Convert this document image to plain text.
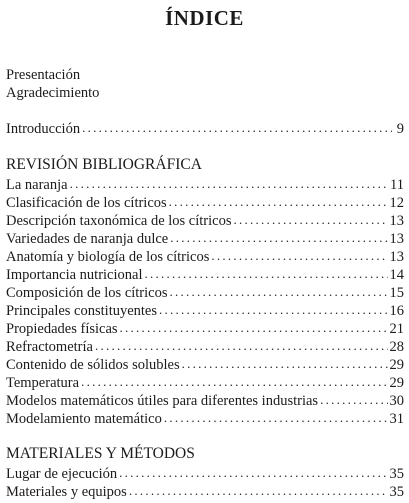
ÍNDICE
Presentación
Agradecimiento
Introducción . . .	9
REVISIÓN BIBLIOGRÁFICA
La naranja . . .	11
Clasificación de los cítricos . . .	12
Descripción taxonómica de los cítricos . . .	13
Variedades de naranja dulce . . .	13
Anatomía y biología de los cítricos . . .	13
Importancia nutricional . . .	14
Composición de los cítricos . . .	15
Principales constituyentes . . .	16
Propiedades físicas . . .	21
Refractometría . . .	28
Contenido de sólidos solubles . . .	29
Temperatura . . .	29
Modelos matemáticos útiles para diferentes industrias . . .	30
Modelamiento matemático . . .	31
MATERIALES Y MÉTODOS
Lugar de ejecución . . .	35
Materiales y equipos . . .	35
